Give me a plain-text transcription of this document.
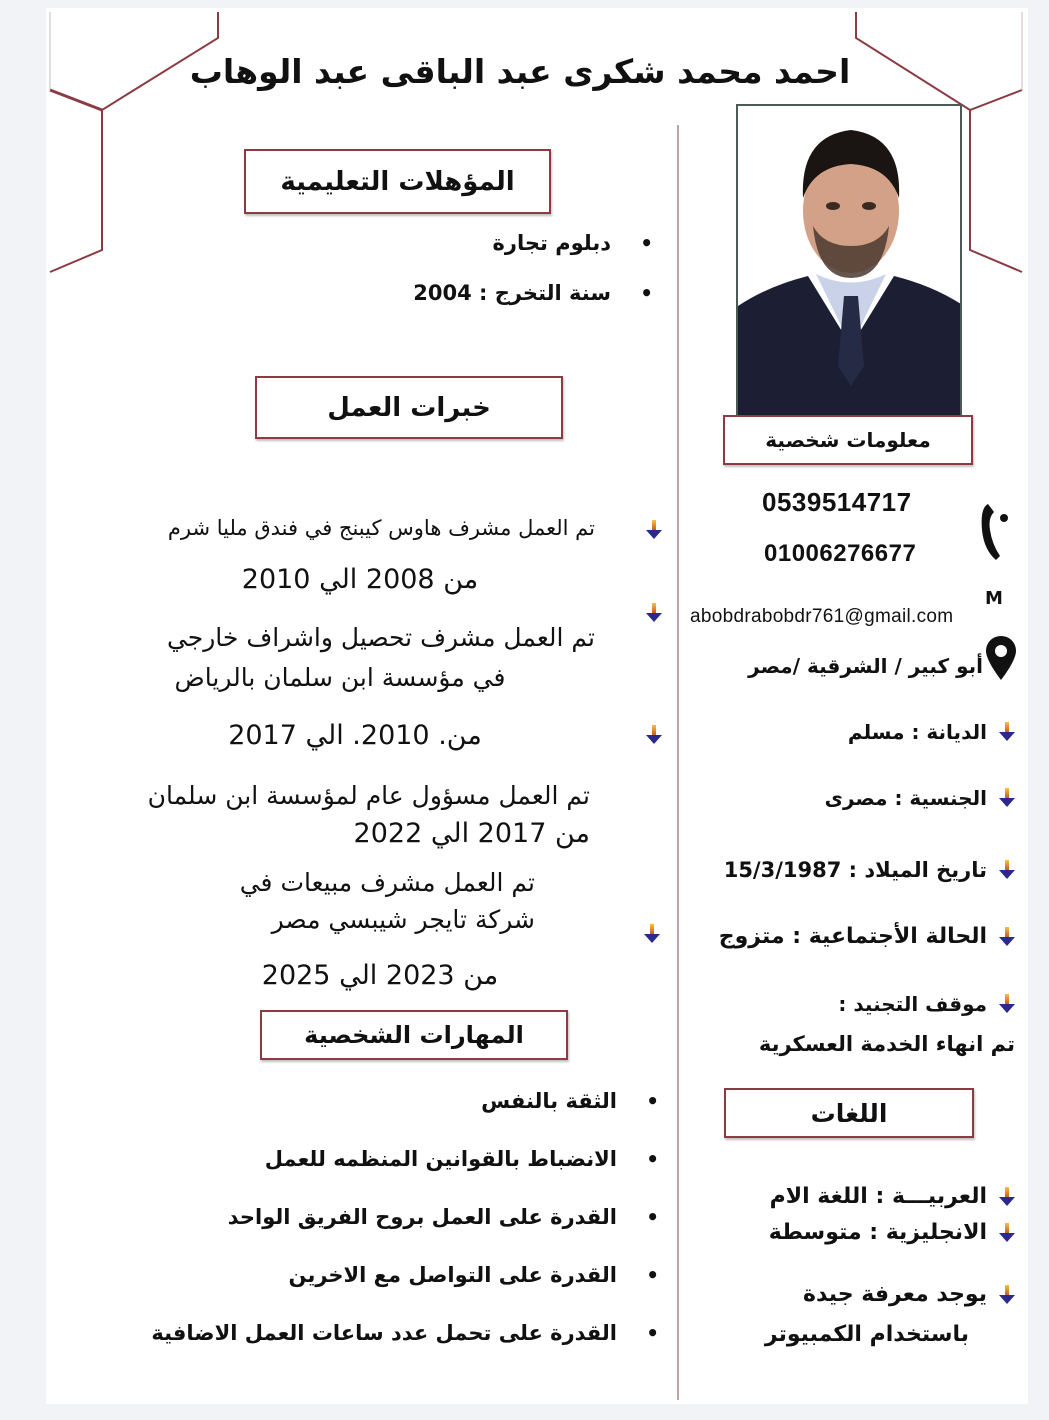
احمد محمد شكرى عبد الباقى عبد الوهاب
المؤهلات التعليمية
• دبلوم تجارة
• سنة التخرج : 2004
خبرات العمل
تم العمل مشرف هاوس كيبنج في فندق مليا شرم
من 2008 الي 2010
تم العمل مشرف تحصيل واشراف خارجي
في مؤسسة ابن سلمان بالرياض
من. 2010. الي 2017
تم العمل مسؤول عام لمؤسسة ابن سلمان
من 2017 الي 2022
تم العمل مشرف مبيعات في
شركة تايجر شيبسي مصر
من 2023 الي 2025
المهارات الشخصية
• الثقة بالنفس
• الانضباط بالقوانين المنظمه للعمل
• القدرة على العمل بروح الفريق الواحد
• القدرة على التواصل مع الاخرين
• القدرة على تحمل عدد ساعات العمل الاضافية
معلومات شخصية
0539514717
01006276677
M
abobdrabobdr761@gmail.com
أبو كبير / الشرقية /مصر
الديانة : مسلم
الجنسية : مصرى
تاريخ الميلاد : 15/3/1987
الحالة الأجتماعية : متزوج
موقف التجنيد :
تم انهاء الخدمة العسكرية
اللغات
العربيـــة : اللغة الام
الانجليزية : متوسطة
يوجد معرفة جيدة
باستخدام الكمبيوتر
